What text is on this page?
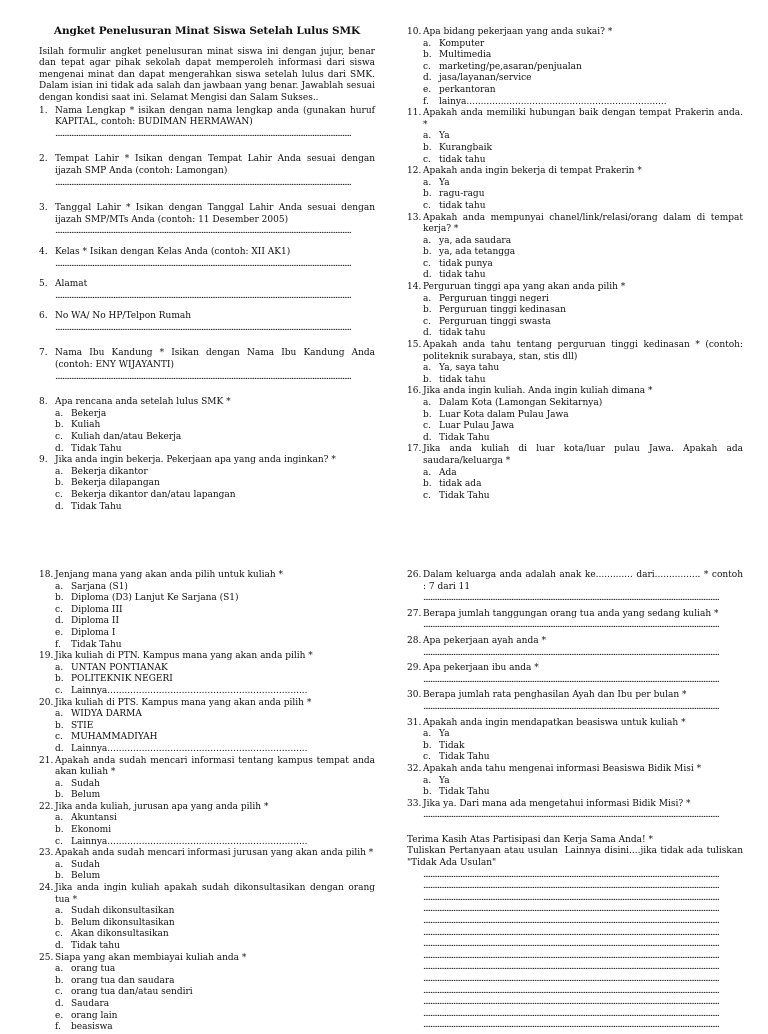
Angket Penelusuran Minat Siswa Setelah Lulus SMK
Isilah formulir angket penelusuran minat siswa ini dengan jujur, benar dan tepat agar pihak sekolah dapat memperoleh informasi dari siswa mengenai minat dan dapat mengerahkan siswa setelah lulus dari SMK. Dalam isian ini tidak ada salah dan jawbaan yang benar. Jawablah sesuai dengan kondisi saat ini. Selamat Mengisi dan Salam Sukses..
1. Nama Lengkap * isikan dengan nama lengkap anda (gunakan huruf KAPITAL, contoh: BUDIMAN HERMAWAN)
........................................................................................................................................................................
2. Tempat Lahir * Isikan dengan Tempat Lahir Anda sesuai dengan ijazah SMP Anda (contoh: Lamongan)
........................................................................................................................................................................
3. Tanggal Lahir * Isikan dengan Tanggal Lahir Anda sesuai dengan ijazah SMP/MTs Anda (contoh: 11 Desember 2005)
........................................................................................................................................................................
4. Kelas * Isikan dengan Kelas Anda (contoh: XII AK1)
........................................................................................................................................................................
5. Alamat
........................................................................................................................................................................
6. No WA/ No HP/Telpon Rumah
........................................................................................................................................................................
7. Nama Ibu Kandung * Isikan dengan Nama Ibu Kandung Anda (contoh: ENY WIJAYANTI)
........................................................................................................................................................................
8. Apa rencana anda setelah lulus SMK *
a. Bekerja
b. Kuliah
c. Kuliah dan/atau Bekerja
d. Tidak Tahu
9. Jika anda ingin bekerja. Pekerjaan apa yang anda inginkan? *
a. Bekerja dikantor
b. Bekerja dilapangan
c. Bekerja dikantor dan/atau lapangan
d. Tidak Tahu
10. Apa bidang pekerjaan yang anda sukai? *
a. Komputer
b. Multimedia
c. marketing/pe,asaran/penjualan
d. jasa/layanan/service
e. perkantoran
f.	lainya......................................................................
11. Apakah anda memiliki hubungan baik dengan tempat Prakerin anda. *
a. Ya
b. Kurangbaik
c. tidak tahu
12. Apakah anda ingin bekerja di tempat Prakerin *
a. Ya
b. ragu-ragu
c. tidak tahu
13. Apakah anda mempunyai chanel/link/relasi/orang dalam di tempat kerja? *
a. ya, ada saudara
b. ya, ada tetangga
c. tidak punya
d. tidak tahu
14. Perguruan tinggi apa yang akan anda pilih *
a. Perguruan tinggi negeri
b. Perguruan tinggi kedinasan
c. Perguruan tinggi swasta
d. tidak tahu
15. Apakah anda tahu tentang perguruan tinggi kedinasan * (contoh: politeknik surabaya, stan, stis dll)
a. Ya, saya tahu
b. tidak tahu
16. Jika anda ingin kuliah. Anda ingin kuliah dimana *
a. Dalam Kota (Lamongan Sekitarnya)
b. Luar Kota dalam Pulau Jawa
c. Luar Pulau Jawa
d. Tidak Tahu
17. Jika anda kuliah di luar kota/luar pulau Jawa. Apakah ada saudara/keluarga *
a. Ada
b. tidak ada
c. Tidak Tahu
18. Jenjang mana yang akan anda pilih untuk kuliah *
a. Sarjana (S1)
b. Diploma (D3) Lanjut Ke Sarjana (S1)
c. Diploma III
d. Diploma II
e. Diploma I
f.	Tidak Tahu
19. Jika kuliah di PTN. Kampus mana yang akan anda pilih *
a. UNTAN PONTIANAK
b. POLITEKNIK NEGERI
c. Lainnya......................................................................
20. Jika kuliah di PTS. Kampus mana yang akan anda pilih *
a. WIDYA DARMA
b. STIE
c. MUHAMMADIYAH
d. Lainnya......................................................................
21. Apakah anda sudah mencari informasi tentang kampus tempat anda akan kuliah *
a. Sudah
b. Belum
22. Jika anda kuliah, jurusan apa yang anda pilih *
a. Akuntansi
b. Ekonomi
c. Lainnya......................................................................
23. Apakah anda sudah mencari informasi jurusan yang akan anda pilih *
a. Sudah
b. Belum
24. Jika anda ingin kuliah apakah sudah dikonsultasikan dengan orang tua *
a. Sudah dikonsultasikan
b. Belum dikonsultasikan
c. Akan dikonsultasikan
d. Tidak tahu
25. Siapa yang akan membiayai kuliah anda *
a. orang tua
b. orang tua dan saudara
c. orang tua dan/atau sendiri
d. Saudara
e. orang lain
f.	beasiswa
26. Dalam keluarga anda adalah anak ke............. dari................ * contoh : 7 dari 11
........................................................................................................................................................................
27. Berapa jumlah tanggungan orang tua anda yang sedang kuliah *
........................................................................................................................................................................
28. Apa pekerjaan ayah anda *
........................................................................................................................................................................
29. Apa pekerjaan ibu anda *
........................................................................................................................................................................
30. Berapa jumlah rata penghasilan Ayah dan Ibu per bulan *
........................................................................................................................................................................
31. Apakah anda ingin mendapatkan beasiswa untuk kuliah *
a. Ya
b. Tidak
c. Tidak Tahu
32. Apakah anda tahu mengenai informasi Beasiswa Bidik Misi *
a. Ya
b. Tidak Tahu
33. Jika ya. Dari mana ada mengetahui informasi Bidik Misi? *
........................................................................................................................................................................
Terima Kasih Atas Partisipasi dan Kerja Sama Anda! *
Tuliskan Pertanyaan atau usulan  Lainnya disini....jika tidak ada tuliskan "Tidak Ada Usulan"
........................................................................................................................................................................
........................................................................................................................................................................
........................................................................................................................................................................
........................................................................................................................................................................
........................................................................................................................................................................
........................................................................................................................................................................
........................................................................................................................................................................
........................................................................................................................................................................
........................................................................................................................................................................
........................................................................................................................................................................
........................................................................................................................................................................
........................................................................................................................................................................
........................................................................................................................................................................
........................................................................................................................................................................
